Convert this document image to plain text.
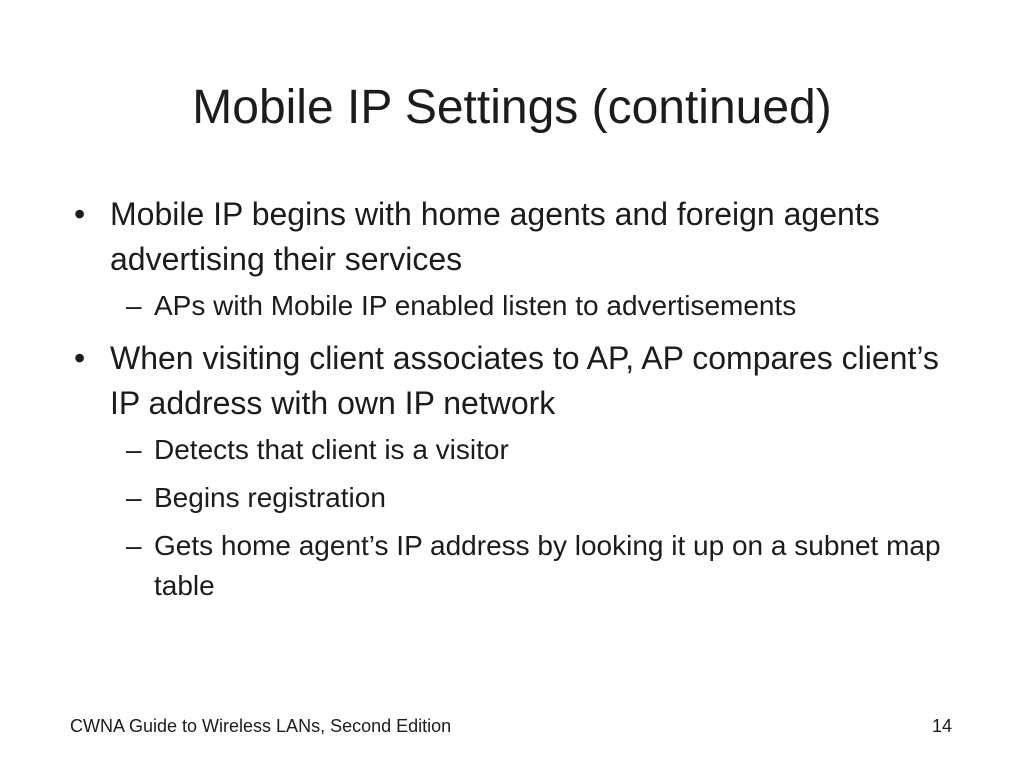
Mobile IP Settings (continued)
• Mobile IP begins with home agents and foreign agents advertising their services
– APs with Mobile IP enabled listen to advertisements
• When visiting client associates to AP, AP compares client’s IP address with own IP network
– Detects that client is a visitor
– Begins registration
– Gets home agent’s IP address by looking it up on a subnet map table
CWNA Guide to Wireless LANs, Second Edition	14
